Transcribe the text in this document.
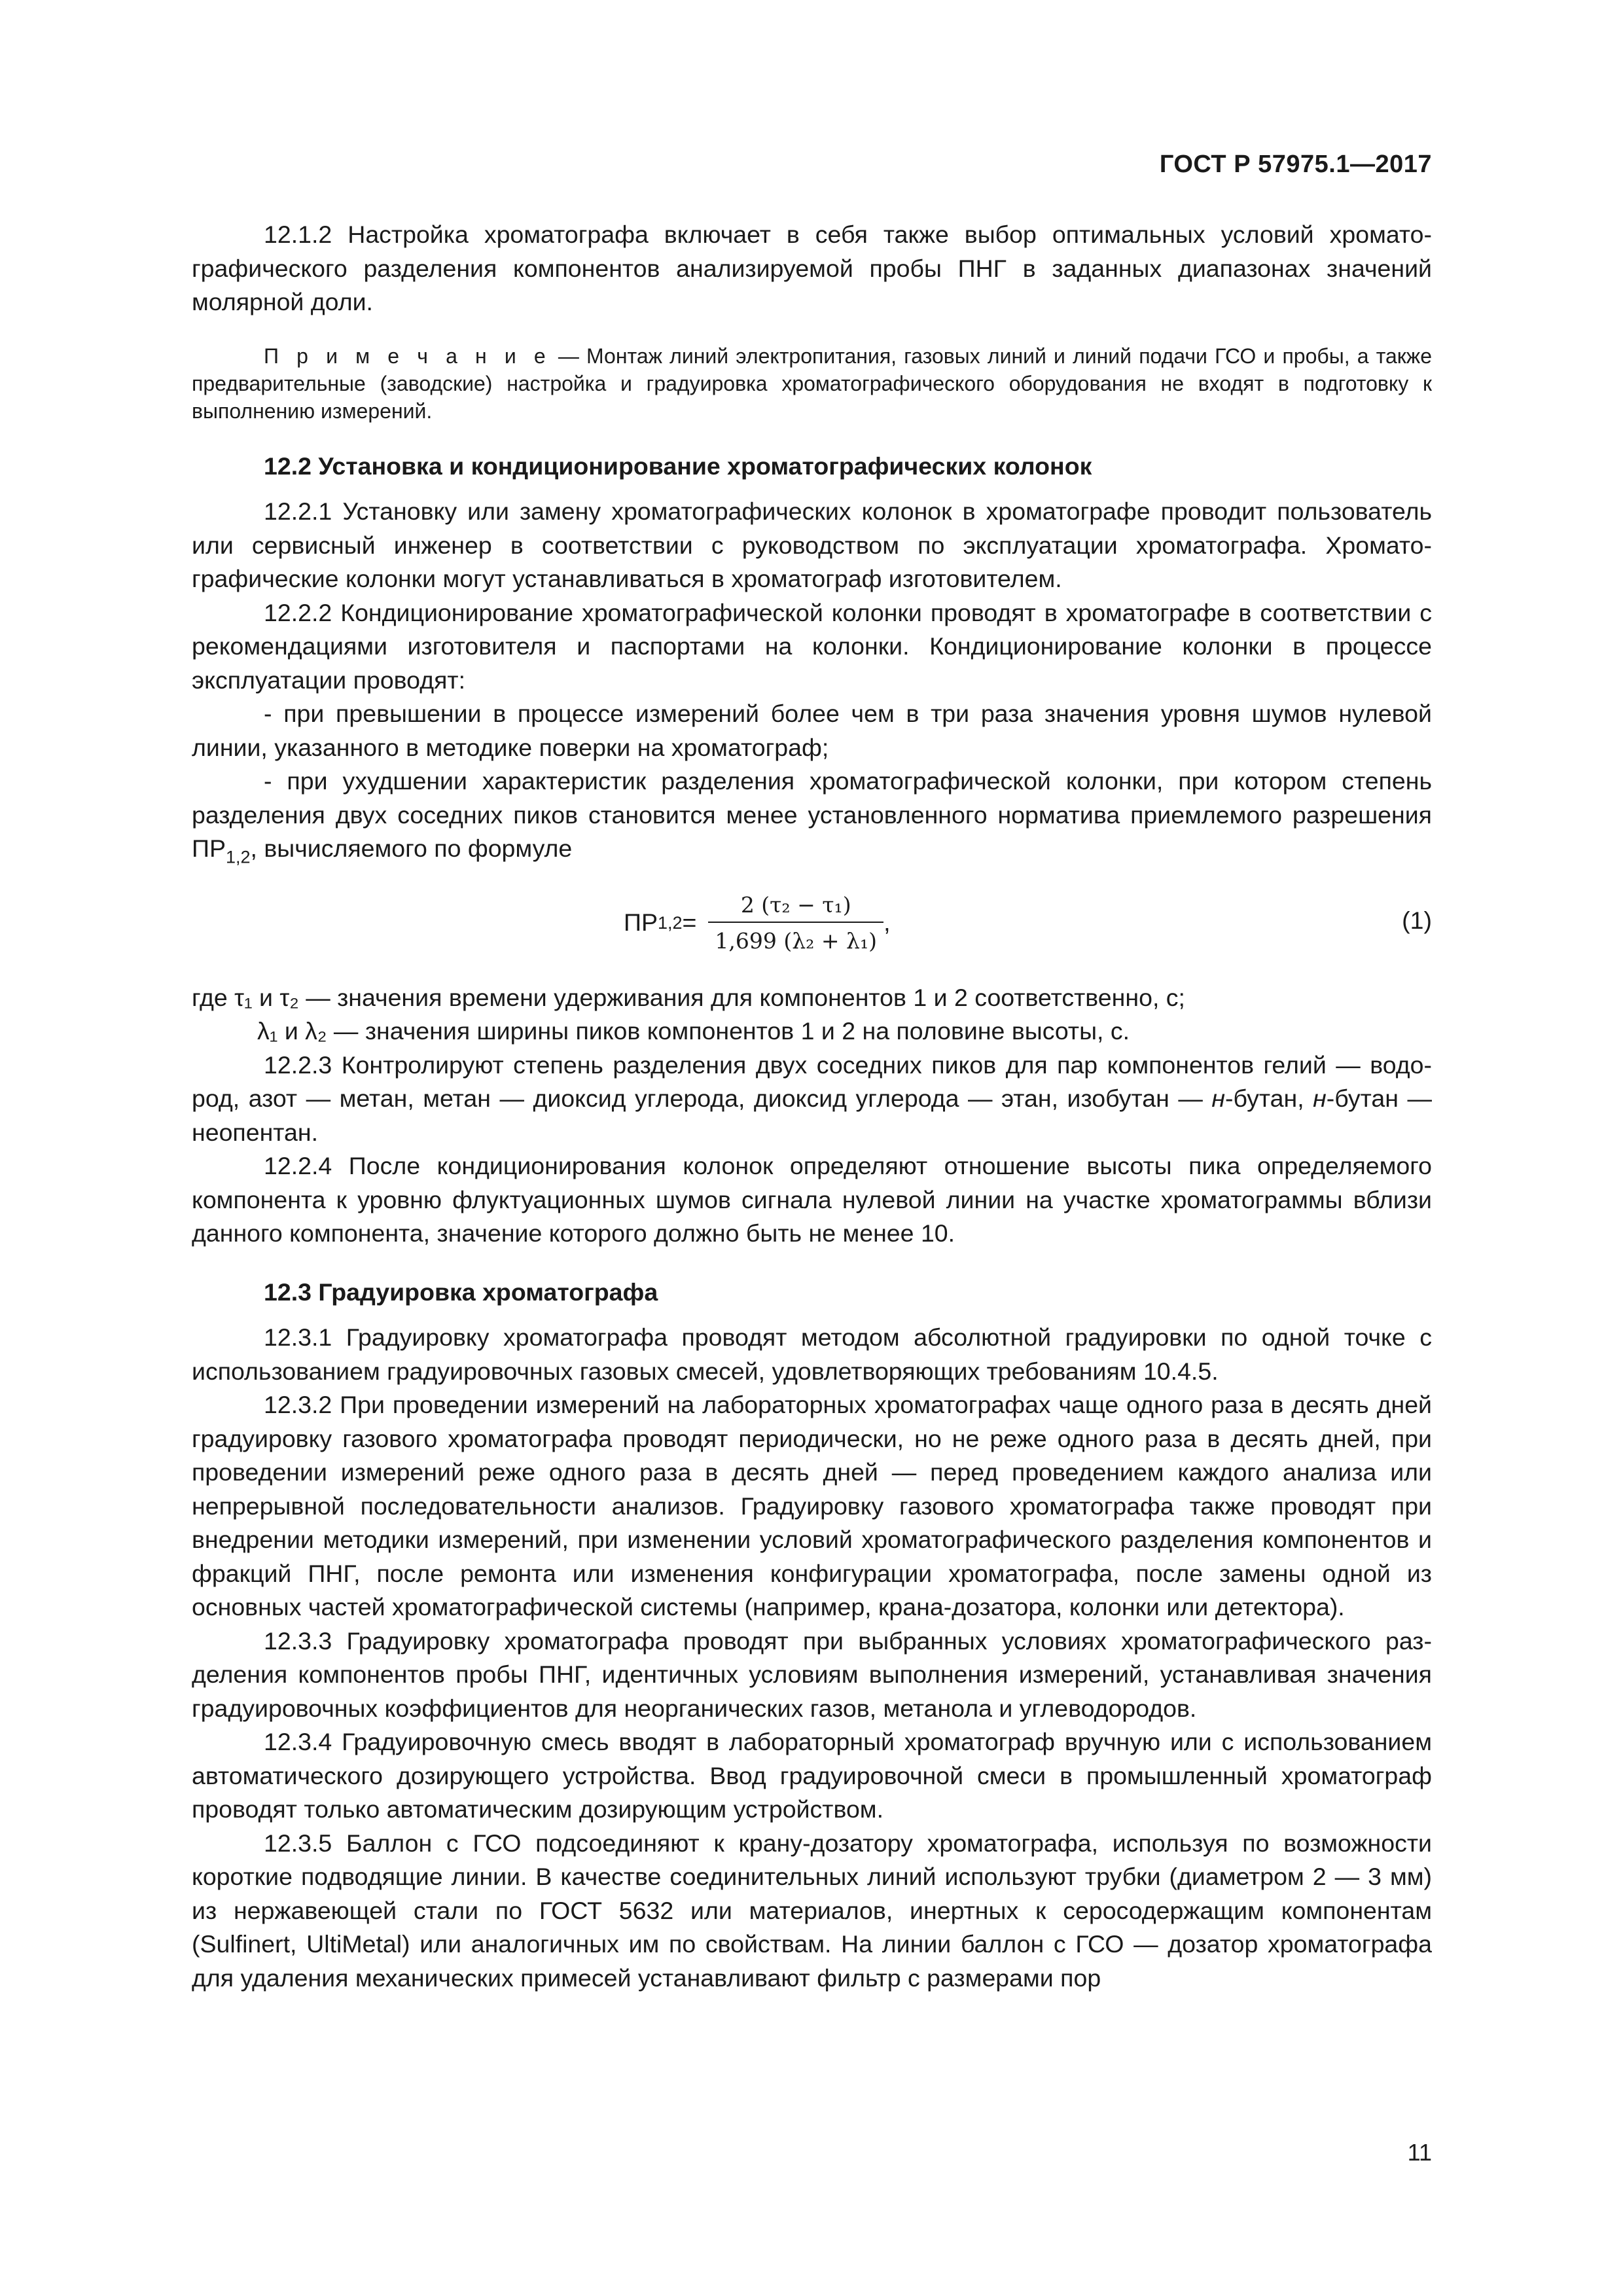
ГОСТ Р 57975.1—2017

12.1.2 Настройка хроматографа включает в себя также выбор оптимальных условий хроматографического разделения компонентов анализируемой пробы ПНГ в заданных диапазонах значений молярной доли.

П р и м е ч а н и е — Монтаж линий электропитания, газовых линий и линий подачи ГСО и пробы, а также предварительные (заводские) настройка и градуировка хроматографического оборудования не входят в подготовку к выполнению измерений.
12.2 Установка и кондиционирование хроматографических колонок

12.2.1 Установку или замену хроматографических колонок в хроматографе проводит пользователь или сервисный инженер в соответствии с руководством по эксплуатации хроматографа. Хроматографические колонки могут устанавливаться в хроматограф изготовителем.

12.2.2 Кондиционирование хроматографической колонки проводят в хроматографе в соответствии с рекомендациями изготовителя и паспортами на колонки. Кондиционирование колонки в процессе эксплуатации проводят:

- при превышении в процессе измерений более чем в три раза значения уровня шумов нулевой линии, указанного в методике поверки на хроматограф;

- при ухудшении характеристик разделения хроматографической колонки, при котором степень разделения двух соседних пиков становится менее установленного норматива приемлемого разрешения $ПР_{1,2}$, вычисляемого по формуле

ПР $1,2 = \frac{\text{2 (τ₂ − τ₁)}}{\text{1,699 (λ₂ + λ₁)}}$ ,	(1)

где τ₁ и τ₂ — значения времени удерживания для компонентов 1 и 2 соответственно, с;

λ₁ и λ₂ — значения ширины пиков компонентов 1 и 2 на половине высоты, с.

12.2.3 Контролируют степень разделения двух соседних пиков для пар компонентов гелий — водород, азот — метан, метан — диоксид углерода, диоксид углерода — этан, изобутан — н-бутан, н-бутан — неопентан.

12.2.4 После кондиционирования колонок определяют отношение высоты пика определяемого компонента к уровню флуктуационных шумов сигнала нулевой линии на участке хроматограммы вблизи данного компонента, значение которого должно быть не менее 10.

12.3 Градуировка хроматографа

12.3.1 Градуировку хроматографа проводят методом абсолютной градуировки по одной точке с использованием градуировочных газовых смесей, удовлетворяющих требованиям 10.4.5.

12.3.2 При проведении измерений на лабораторных хроматографах чаще одного раза в десять дней градуировку газового хроматографа проводят периодически, но не реже одного раза в десять дней, при проведении измерений реже одного раза в десять дней — перед проведением каждого анализа или непрерывной последовательности анализов. Градуировку газового хроматографа также проводят при внедрении методики измерений, при изменении условий хроматографического разделения компонентов и фракций ПНГ, после ремонта или изменения конфигурации хроматографа, после замены одной из основных частей хроматографической системы (например, крана-дозатора, колонки или детектора).

12.3.3 Градуировку хроматографа проводят при выбранных условиях хроматографического разделения компонентов пробы ПНГ, идентичных условиям выполнения измерений, устанавливая значения градуировочных коэффициентов для неорганических газов, метанола и углеводородов.

12.3.4 Градуировочную смесь вводят в лабораторный хроматограф вручную или с использованием автоматического дозирующего устройства. Ввод градуировочной смеси в промышленный хроматограф проводят только автоматическим дозирующим устройством.

12.3.5 Баллон с ГСО подсоединяют к крану-дозатору хроматографа, используя по возможности короткие подводящие линии. В качестве соединительных линий используют трубки (диаметром 2 — 3 мм) из нержавеющей стали по ГОСТ 5632 или материалов, инертных к серосодержащим компонентам (Sulfinert, UltiMetal) или аналогичных им по свойствам. На линии баллон с ГСО — дозатор хроматографа для удаления механических примесей устанавливают фильтр с размерами пор

11
